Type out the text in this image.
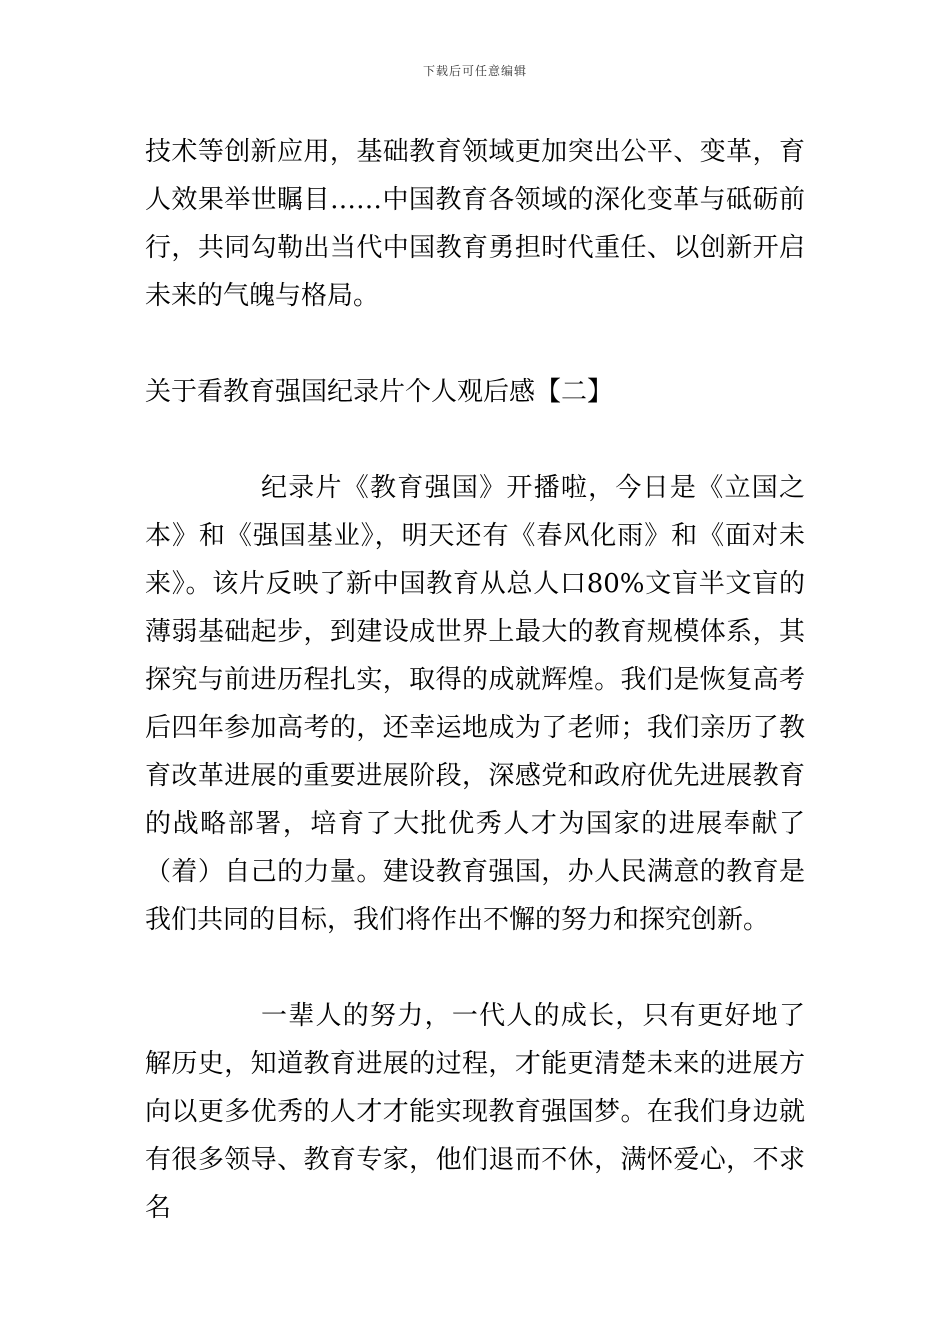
下载后可任意编辑

技术等创新应用，基础教育领域更加突出公平、变革，育人效果举世瞩目……中国教育各领域的深化变革与砥砺前行，共同勾勒出当代中国教育勇担时代重任、以创新开启未来的气魄与格局。

关于看教育强国纪录片个人观后感【二】

纪录片《教育强国》开播啦，今日是《立国之本》和《强国基业》，明天还有《春风化雨》和《面对未来》。该片反映了新中国教育从总人口80%文盲半文盲的薄弱基础起步，到建设成世界上最大的教育规模体系，其探究与前进历程扎实，取得的成就辉煌。我们是恢复高考后四年参加高考的，还幸运地成为了老师；我们亲历了教育改革进展的重要进展阶段，深感党和政府优先进展教育的战略部署，培育了大批优秀人才为国家的进展奉献了（着）自己的力量。建设教育强国，办人民满意的教育是我们共同的目标，我们将作出不懈的努力和探究创新。

一辈人的努力，一代人的成长，只有更好地了解历史，知道教育进展的过程，才能更清楚未来的进展方向以更多优秀的人才才能实现教育强国梦。在我们身边就有很多领导、教育专家，他们退而不休，满怀爱心，不求名
